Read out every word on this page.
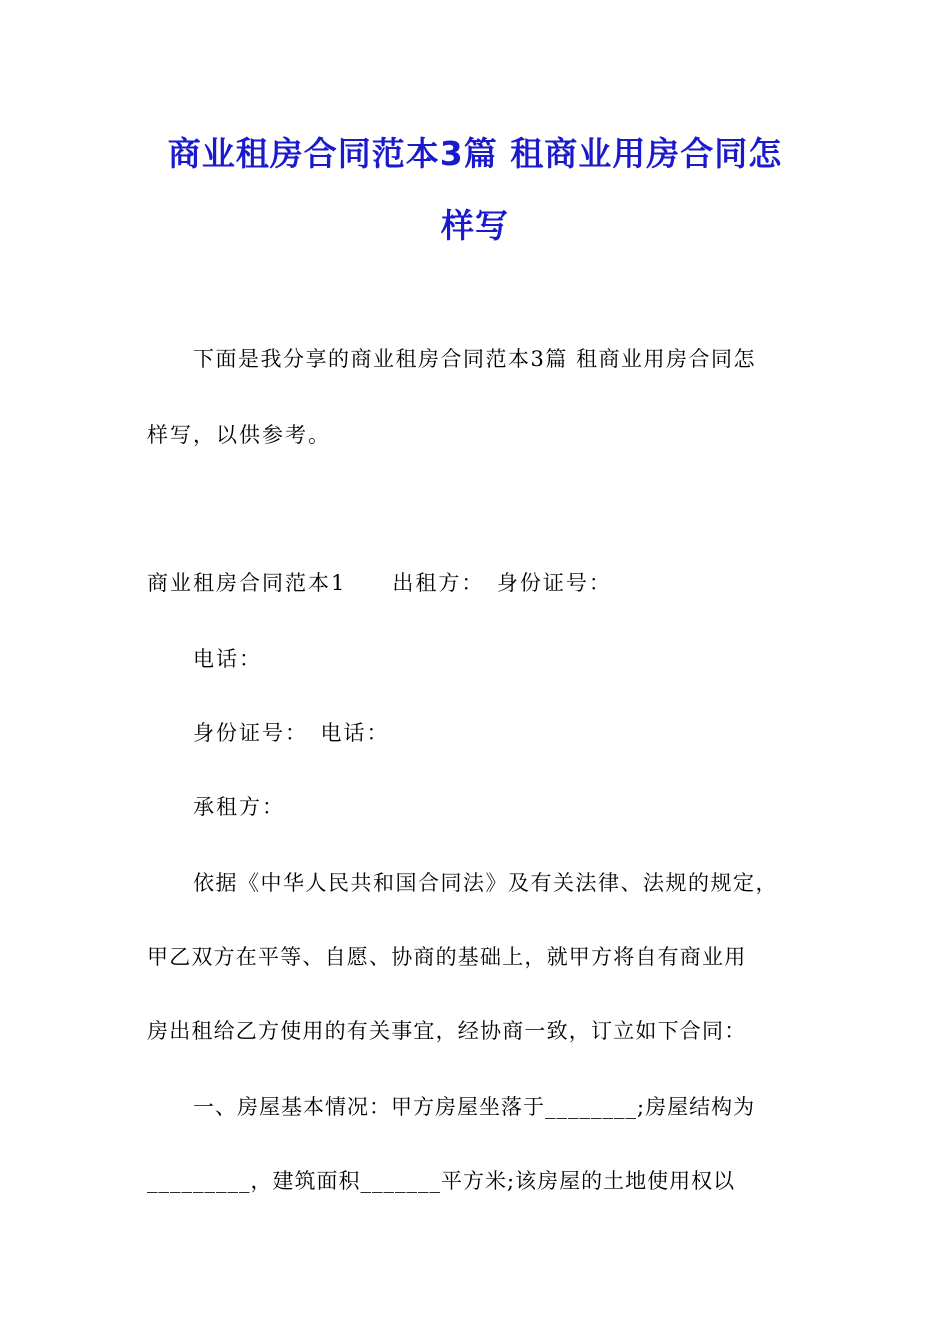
商业租房合同范本3篇 租商业用房合同怎
样写
下面是我分享的商业租房合同范本3篇 租商业用房合同怎
样写，以供参考。
商业租房合同范本1　　出租方：　身份证号：
电话：
身份证号：　电话：
承租方：
依据《中华人民共和国合同法》及有关法律、法规的规定，
甲乙双方在平等、自愿、协商的基础上，就甲方将自有商业用
房出租给乙方使用的有关事宜，经协商一致，订立如下合同：
一、房屋基本情况：甲方房屋坐落于________;房屋结构为
_________，建筑面积_______平方米;该房屋的土地使用权以
